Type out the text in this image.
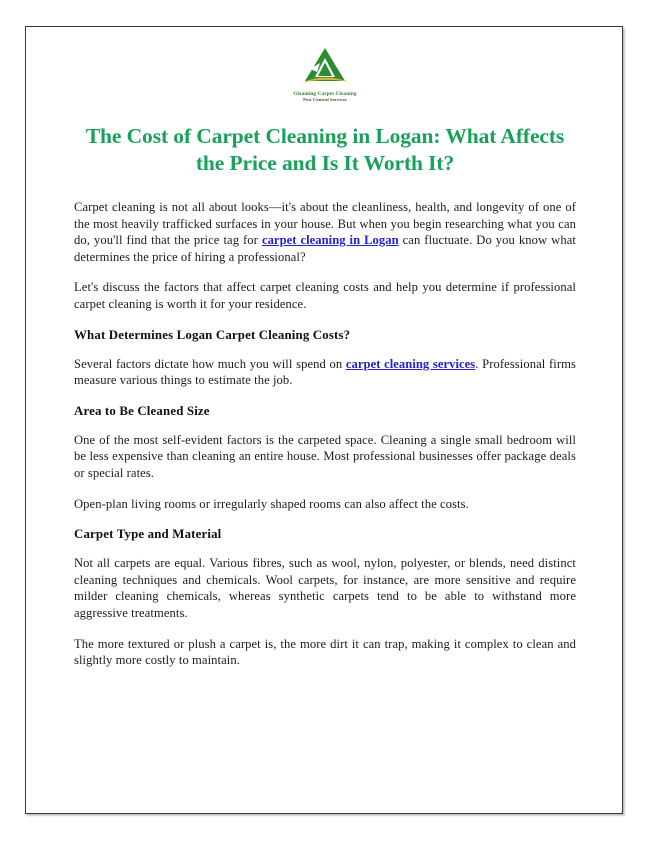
Gleaming Carpet Cleaning
Pest Control Services
The Cost of Carpet Cleaning in Logan: What Affects the Price and Is It Worth It?

Carpet cleaning is not all about looks—it's about the cleanliness, health, and longevity of one of the most heavily trafficked surfaces in your house. But when you begin researching what you can do, you'll find that the price tag for carpet cleaning in Logan can fluctuate. Do you know what determines the price of hiring a professional?

Let's discuss the factors that affect carpet cleaning costs and help you determine if professional carpet cleaning is worth it for your residence.

What Determines Logan Carpet Cleaning Costs?

Several factors dictate how much you will spend on carpet cleaning services. Professional firms measure various things to estimate the job.

Area to Be Cleaned Size

One of the most self-evident factors is the carpeted space. Cleaning a single small bedroom will be less expensive than cleaning an entire house. Most professional businesses offer package deals or special rates.

Open-plan living rooms or irregularly shaped rooms can also affect the costs.

Carpet Type and Material

Not all carpets are equal. Various fibres, such as wool, nylon, polyester, or blends, need distinct cleaning techniques and chemicals. Wool carpets, for instance, are more sensitive and require milder cleaning chemicals, whereas synthetic carpets tend to be able to withstand more aggressive treatments.

The more textured or plush a carpet is, the more dirt it can trap, making it complex to clean and slightly more costly to maintain.
